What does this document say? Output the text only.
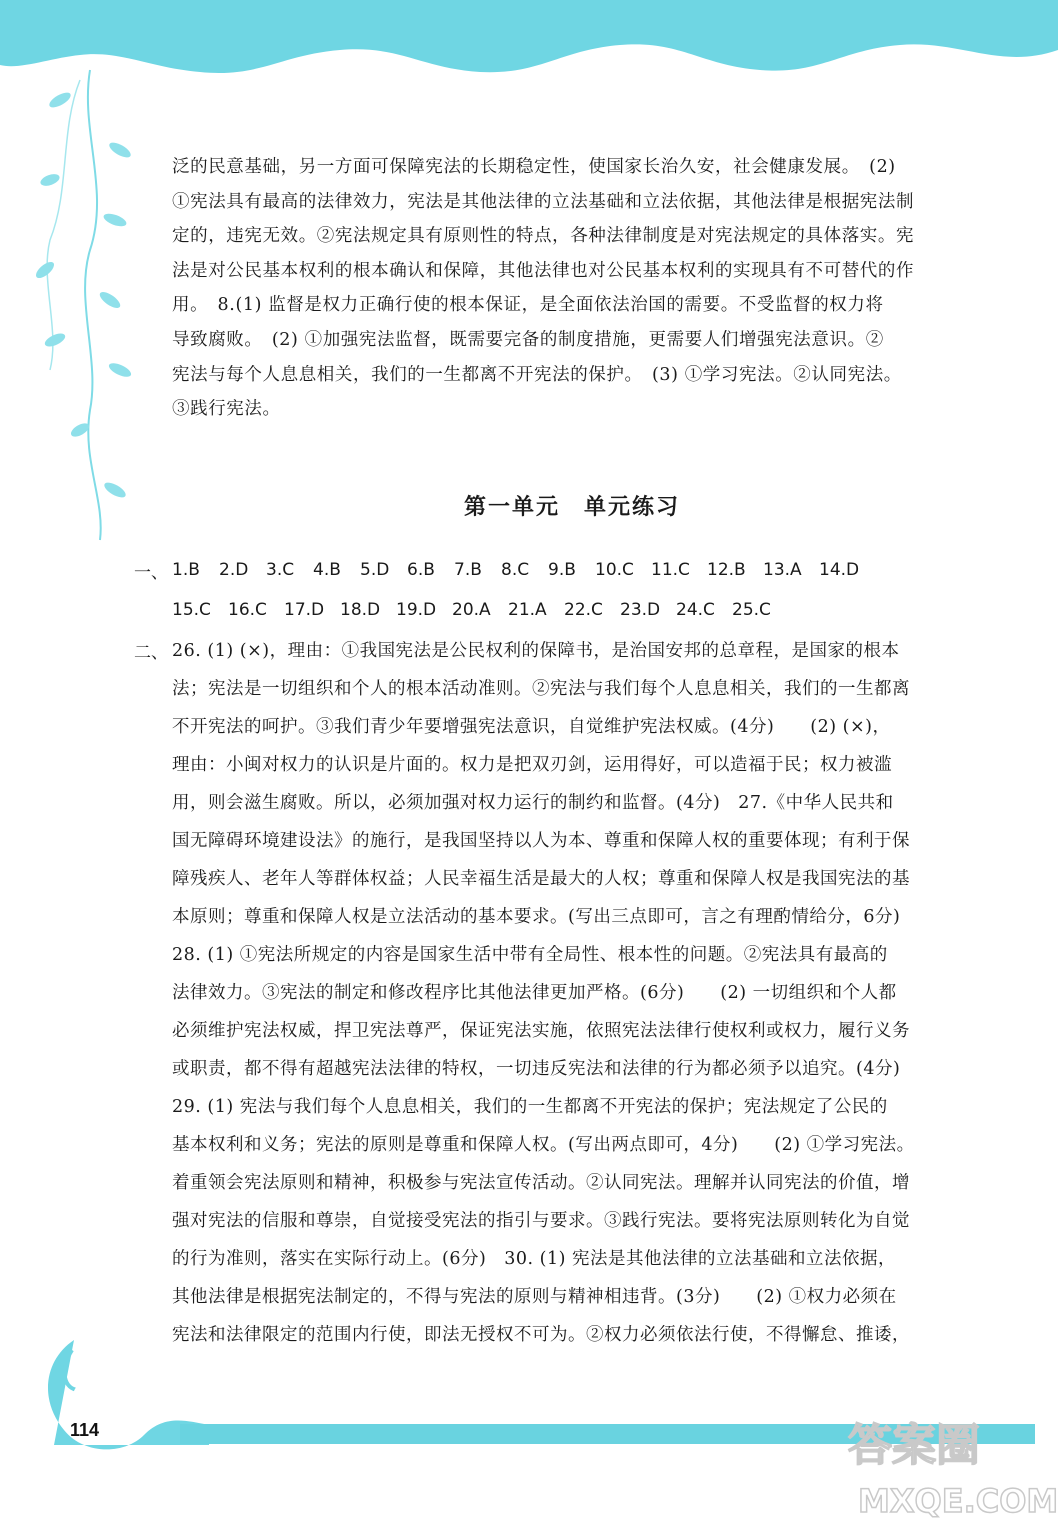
泛的民意基础，另一方面可保障宪法的长期稳定性，使国家长治久安，社会健康发展。　(2)

①宪法具有最高的法律效力，宪法是其他法律的立法基础和立法依据，其他法律是根据宪法制

定的，违宪无效。②宪法规定具有原则性的特点，各种法律制度是对宪法规定的具体落实。宪

法是对公民基本权利的根本确认和保障，其他法律也对公民基本权利的实现具有不可替代的作

用。　8.(1) 监督是权力正确行使的根本保证，是全面依法治国的需要。不受监督的权力将

导致腐败。　(2) ①加强宪法监督，既需要完备的制度措施，更需要人们增强宪法意识。②

宪法与每个人息息相关，我们的一生都离不开宪法的保护。　(3) ①学习宪法。②认同宪法。

③践行宪法。

第一单元　单元练习
一、 1.B	2.D	3.C	4.B	5.D	6.B	7.B	8.C	9.B	10.C	11.C	12.B	13.A	14.D
15.C	16.C	17.D 18.D 19.D 20.A	21.A	22.C	23.D 24.C	25.C
二、 26. (1) (×)，理由：①我国宪法是公民权利的保障书，是治国安邦的总章程，是国家的根本

法；宪法是一切组织和个人的根本活动准则。②宪法与我们每个人息息相关，我们的一生都离

不开宪法的呵护。③我们青少年要增强宪法意识，自觉维护宪法权威。(4分)　　(2) (×)，

理由：小闽对权力的认识是片面的。权力是把双刃剑，运用得好，可以造福于民；权力被滥

用，则会滋生腐败。所以，必须加强对权力运行的制约和监督。(4分)　27.《中华人民共和

国无障碍环境建设法》的施行，是我国坚持以人为本、尊重和保障人权的重要体现；有利于保

障残疾人、老年人等群体权益；人民幸福生活是最大的人权；尊重和保障人权是我国宪法的基

本原则；尊重和保障人权是立法活动的基本要求。(写出三点即可，言之有理酌情给分，6分)

28. (1) ①宪法所规定的内容是国家生活中带有全局性、根本性的问题。②宪法具有最高的

法律效力。③宪法的制定和修改程序比其他法律更加严格。(6分)　　(2) 一切组织和个人都

必须维护宪法权威，捍卫宪法尊严，保证宪法实施，依照宪法法律行使权利或权力，履行义务

或职责，都不得有超越宪法法律的特权，一切违反宪法和法律的行为都必须予以追究。(4分)

29. (1) 宪法与我们每个人息息相关，我们的一生都离不开宪法的保护；宪法规定了公民的

基本权利和义务；宪法的原则是尊重和保障人权。(写出两点即可，4分)　　(2) ①学习宪法。

着重领会宪法原则和精神，积极参与宪法宣传活动。②认同宪法。理解并认同宪法的价值，增

强对宪法的信服和尊崇，自觉接受宪法的指引与要求。③践行宪法。要将宪法原则转化为自觉

的行为准则，落实在实际行动上。(6分)　30. (1) 宪法是其他法律的立法基础和立法依据，

其他法律是根据宪法制定的，不得与宪法的原则与精神相违背。(3分)　　(2) ①权力必须在

宪法和法律限定的范围内行使，即法无授权不可为。②权力必须依法行使，不得懈怠、推诿，

114	答案圈
MXQE.COM
